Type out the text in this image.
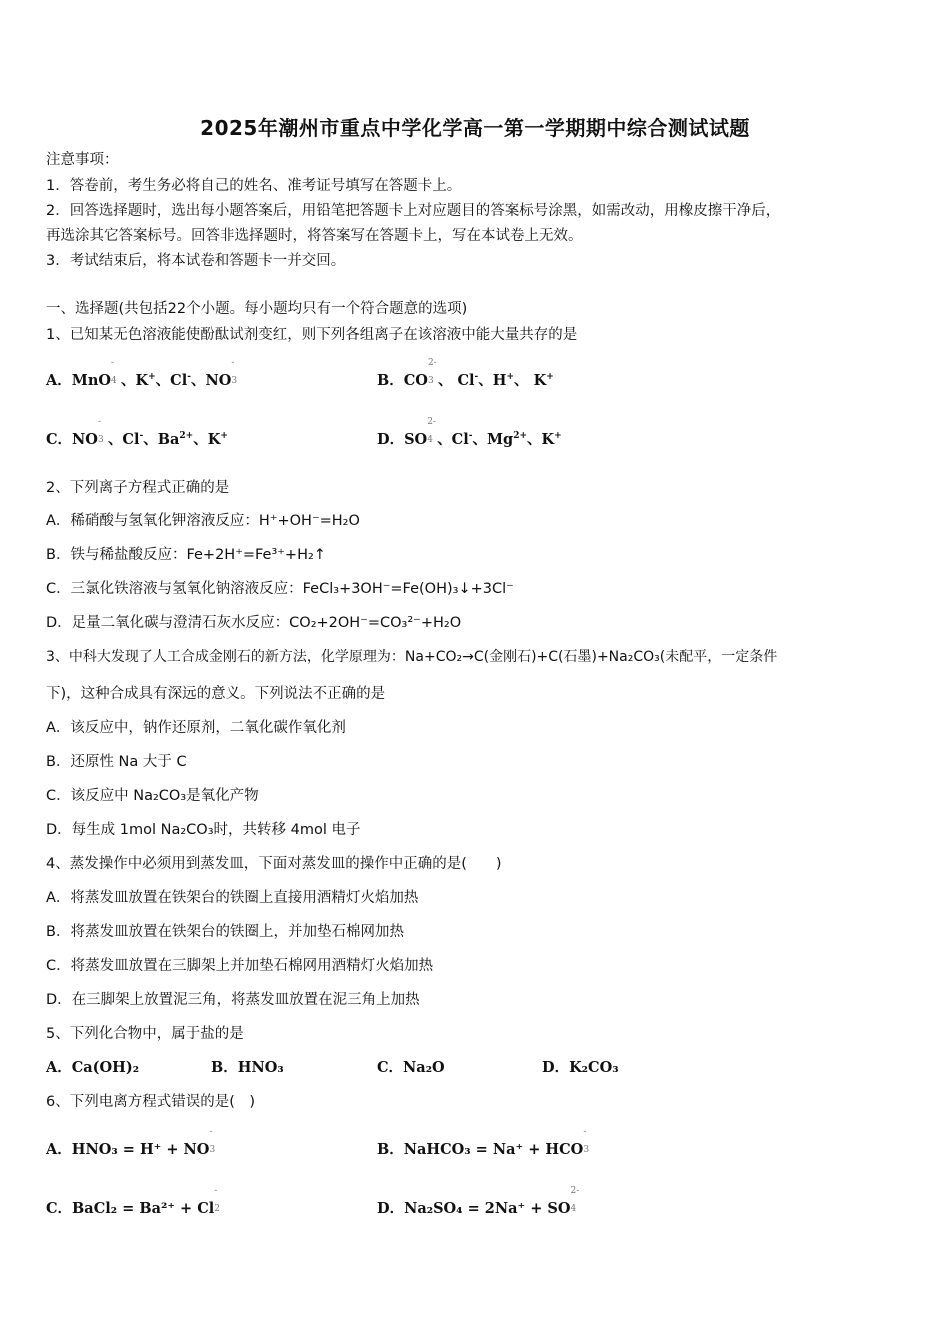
2025年潮州市重点中学化学高一第一学期期中综合测试试题
注意事项：
1．答卷前，考生务必将自己的姓名、准考证号填写在答题卡上。
2．回答选择题时，选出每小题答案后，用铅笔把答题卡上对应题目的答案标号涂黑，如需改动，用橡皮擦干净后，
再选涂其它答案标号。回答非选择题时，将答案写在答题卡上，写在本试卷上无效。
3．考试结束后，将本试卷和答题卡一并交回。
一、选择题(共包括22个小题。每小题均只有一个符合题意的选项)
1、已知某无色溶液能使酚酞试剂变红，则下列各组离子在该溶液中能大量共存的是
A．MnO
-
4 、K+、Cl-、NO
-
3	B．CO
2-
3 、 Cl-、H+、 K+
C．NO
-
3 、Cl-、$Ba^{2+}$、K+	D．SO
2-
4 、Cl-、$Mg^{2+}$、K+
2、下列离子方程式正确的是
A．稀硝酸与氢氧化钾溶液反应：H⁺+OH⁻=H₂O
B．铁与稀盐酸反应：Fe+2H⁺=Fe³⁺+H₂↑
C．三氯化铁溶液与氢氧化钠溶液反应：FeCl₃+3OH⁻=Fe(OH)₃↓+3Cl⁻
D．足量二氧化碳与澄清石灰水反应：CO₂+2OH⁻=CO₃²⁻+H₂O
3、中科大发现了人工合成金刚石的新方法，化学原理为：Na+CO₂→C(金刚石)+C(石墨)+Na₂CO₃(未配平，一定条件
下)，这种合成具有深远的意义。下列说法不正确的是
A．该反应中，钠作还原剂，二氧化碳作氧化剂
B．还原性 Na 大于 C
C．该反应中 Na₂CO₃是氧化产物
D．每生成 1mol Na₂CO₃时，共转移 4mol 电子
4、蒸发操作中必须用到蒸发皿，下面对蒸发皿的操作中正确的是(　　)
A．将蒸发皿放置在铁架台的铁圈上直接用酒精灯火焰加热
B．将蒸发皿放置在铁架台的铁圈上，并加垫石棉网加热
C．将蒸发皿放置在三脚架上并加垫石棉网用酒精灯火焰加热
D．在三脚架上放置泥三角，将蒸发皿放置在泥三角上加热
5、下列化合物中，属于盐的是
A．Ca(OH)₂	B．HNO₃	C．Na₂O	D．K₂CO₃
6、下列电离方程式错误的是(　)
A．HNO₃ = H⁺ + NO
-
3	B．NaHCO₃ = Na⁺ + HCO
-
3
C．BaCl₂ = Ba²⁺ + Cl
-
2	D．Na₂SO₄ = 2Na⁺ + SO
2-
4
